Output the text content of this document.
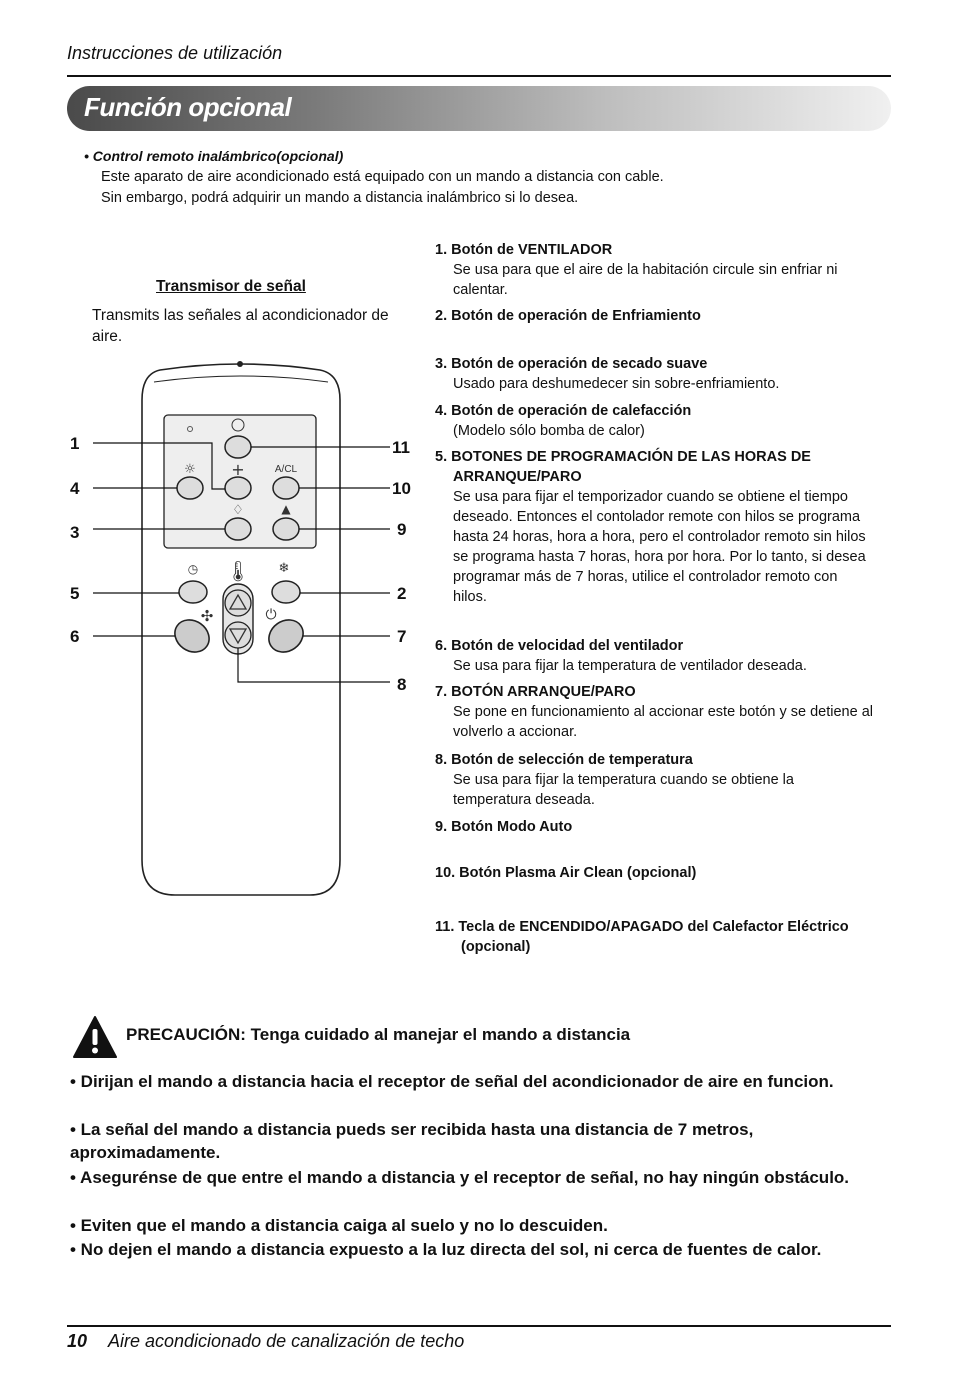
Instrucciones de utilización
Función opcional
• Control remoto inalámbrico(opcional)
Este aparato de aire acondicionado está equipado con un mando a distancia con cable.
Sin embargo, podrá adquirir un mando a distancia inalámbrico si lo desea.
Transmisor de señal
Transmits las señales al acondicionador de aire.
☼ +	A/CL
♢	▲
◷ 🌡 ❄
✣	⏻
1
4
3
5
6
11
10
9
2
7
8
1. Botón de VENTILADOR
Se usa para que el aire de la habitación circule sin enfriar ni calentar.
2. Botón de operación de Enfriamiento
3. Botón de operación de secado suave
Usado para deshumedecer sin sobre-enfriamiento.
4. Botón de operación de calefacción
(Modelo sólo bomba de calor)
5. BOTONES DE PROGRAMACIÓN DE LAS HORAS DE ARRANQUE/PARO
Se usa para fijar el temporizador cuando se obtiene el tiempo deseado. Entonces el contolador remote con hilos se programa hasta 24 horas, hora a hora, pero el controlador remoto sin hilos se programa hasta 7 horas, hora por hora. Por lo tanto, si desea programar más de 7 horas, utilice el controlador remoto con hilos.
6. Botón de velocidad del ventilador
Se usa para fijar la temperatura de ventilador deseada.
7. BOTÓN ARRANQUE/PARO
Se pone en funcionamiento al accionar este botón y se detiene al volverlo a accionar.
8. Botón de selección de temperatura
Se usa para fijar la temperatura cuando se obtiene la temperatura deseada.
9. Botón Modo Auto
10. Botón Plasma Air Clean (opcional)
11. Tecla de ENCENDIDO/APAGADO del Calefactor Eléctrico (opcional)
PRECAUCIÓN: Tenga cuidado al manejar el mando a distancia
• Dirijan el mando a distancia hacia el receptor de señal del acondicionador de aire en funcion.
• La señal del mando a distancia pueds ser recibida hasta una distancia de 7 metros, aproximadamente.
• Asegurénse de que entre el mando a distancia y el receptor de señal, no hay ningún obstáculo.
• Eviten que el mando a distancia caiga al suelo y no lo descuiden.
• No dejen el mando a distancia expuesto a la luz directa del sol, ni cerca de fuentes de calor.
10 Aire acondicionado de canalización de techo
